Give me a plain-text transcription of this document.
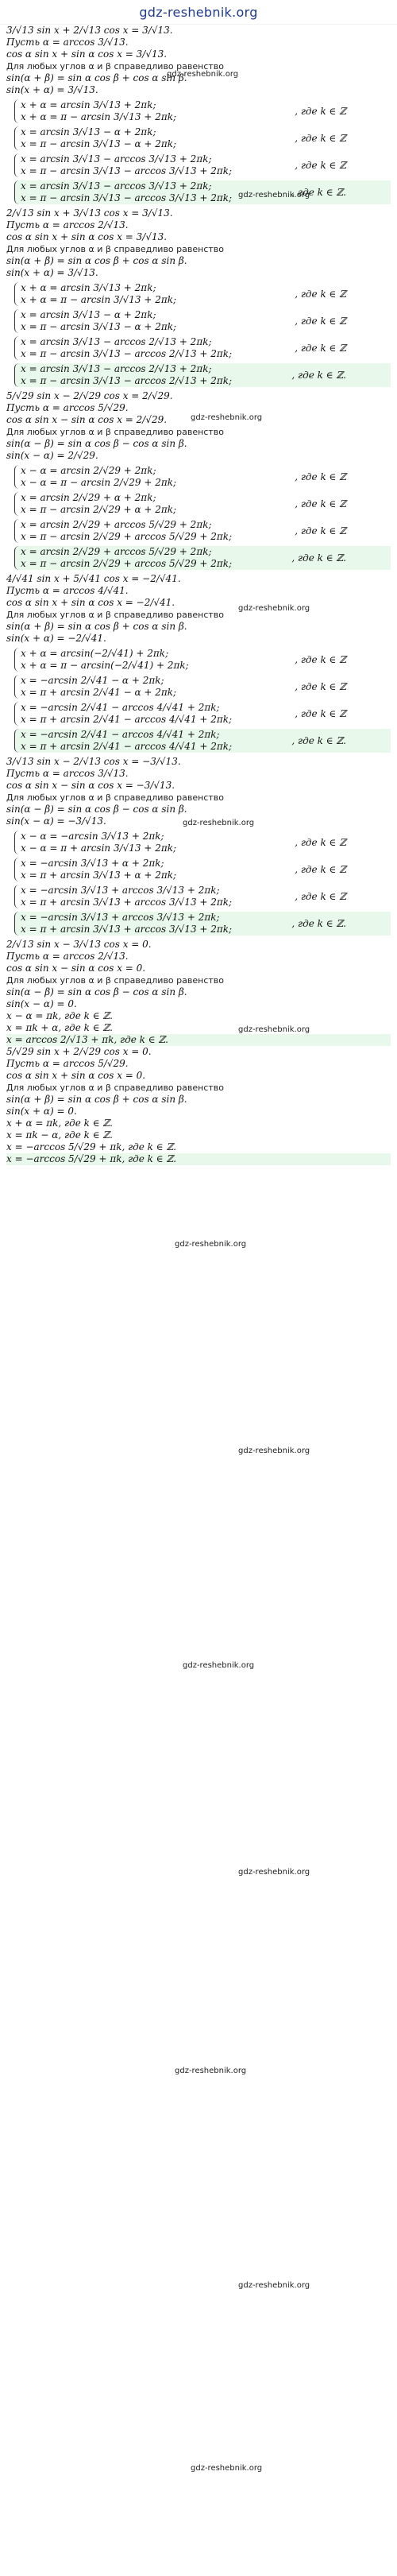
gdz-reshebnik.org
3/√13 sin x + 2/√13 cos x = 3/√13.
Пусть α = arccos 3/√13.
cos α sin x + sin α cos x = 3/√13.
Для любых углов α и β справедливо равенство
sin(α + β) = sin α cos β + cos α sin β.
sin(x + α) = 3/√13.
x + α = arcsin 3/√13 + 2πk;
x + α = π − arcsin 3/√13 + 2πk;	, где k ∈ ℤ
x = arcsin 3/√13 − α + 2πk;
x = π − arcsin 3/√13 − α + 2πk;	, где k ∈ ℤ
x = arcsin 3/√13 − arccos 3/√13 + 2πk;
x = π − arcsin 3/√13 − arccos 3/√13 + 2πk;	, где k ∈ ℤ
x = arcsin 3/√13 − arccos 3/√13 + 2πk;
x = π − arcsin 3/√13 − arccos 3/√13 + 2πk;	, где k ∈ ℤ.
2/√13 sin x + 3/√13 cos x = 3/√13.
Пусть α = arccos 2/√13.
cos α sin x + sin α cos x = 3/√13.
Для любых углов α и β справедливо равенство
sin(α + β) = sin α cos β + cos α sin β.
sin(x + α) = 3/√13.
x + α = arcsin 3/√13 + 2πk;
x + α = π − arcsin 3/√13 + 2πk;	, где k ∈ ℤ
x = arcsin 3/√13 − α + 2πk;
x = π − arcsin 3/√13 − α + 2πk;	, где k ∈ ℤ
x = arcsin 3/√13 − arccos 2/√13 + 2πk;
x = π − arcsin 3/√13 − arccos 2/√13 + 2πk;	, где k ∈ ℤ
x = arcsin 3/√13 − arccos 2/√13 + 2πk;
x = π − arcsin 3/√13 − arccos 2/√13 + 2πk;	, где k ∈ ℤ.
5/√29 sin x − 2/√29 cos x = 2/√29.
Пусть α = arccos 5/√29.
cos α sin x − sin α cos x = 2/√29.
Для любых углов α и β справедливо равенство
sin(α − β) = sin α cos β − cos α sin β.
sin(x − α) = 2/√29.
x − α = arcsin 2/√29 + 2πk;
x − α = π − arcsin 2/√29 + 2πk;	, где k ∈ ℤ
x = arcsin 2/√29 + α + 2πk;
x = π − arcsin 2/√29 + α + 2πk;	, где k ∈ ℤ
x = arcsin 2/√29 + arccos 5/√29 + 2πk;
x = π − arcsin 2/√29 + arccos 5/√29 + 2πk;	, где k ∈ ℤ
x = arcsin 2/√29 + arccos 5/√29 + 2πk;
x = π − arcsin 2/√29 + arccos 5/√29 + 2πk;	, где k ∈ ℤ.
4/√41 sin x + 5/√41 cos x = −2/√41.
Пусть α = arccos 4/√41.
cos α sin x + sin α cos x = −2/√41.
Для любых углов α и β справедливо равенство
sin(α + β) = sin α cos β + cos α sin β.
sin(x + α) = −2/√41.
x + α = arcsin(−2/√41) + 2πk;
x + α = π − arcsin(−2/√41) + 2πk;	, где k ∈ ℤ
x = −arcsin 2/√41 − α + 2πk;
x = π + arcsin 2/√41 − α + 2πk;	, где k ∈ ℤ
x = −arcsin 2/√41 − arccos 4/√41 + 2πk;
x = π + arcsin 2/√41 − arccos 4/√41 + 2πk;	, где k ∈ ℤ
x = −arcsin 2/√41 − arccos 4/√41 + 2πk;
x = π + arcsin 2/√41 − arccos 4/√41 + 2πk;	, где k ∈ ℤ.
3/√13 sin x − 2/√13 cos x = −3/√13.
Пусть α = arccos 3/√13.
cos α sin x − sin α cos x = −3/√13.
Для любых углов α и β справедливо равенство
sin(α − β) = sin α cos β − cos α sin β.
sin(x − α) = −3/√13.
x − α = −arcsin 3/√13 + 2πk;
x − α = π + arcsin 3/√13 + 2πk;	, где k ∈ ℤ
x = −arcsin 3/√13 + α + 2πk;
x = π + arcsin 3/√13 + α + 2πk;	, где k ∈ ℤ
x = −arcsin 3/√13 + arccos 3/√13 + 2πk;
x = π + arcsin 3/√13 + arccos 3/√13 + 2πk;	, где k ∈ ℤ
x = −arcsin 3/√13 + arccos 3/√13 + 2πk;
x = π + arcsin 3/√13 + arccos 3/√13 + 2πk;	, где k ∈ ℤ.
2/√13 sin x − 3/√13 cos x = 0.
Пусть α = arccos 2/√13.
cos α sin x − sin α cos x = 0.
Для любых углов α и β справедливо равенство
sin(α − β) = sin α cos β − cos α sin β.
sin(x − α) = 0.
x − α = πk, где k ∈ ℤ.
x = πk + α, где k ∈ ℤ.
x = arccos 2/√13 + πk, где k ∈ ℤ.
5/√29 sin x + 2/√29 cos x = 0.
Пусть α = arccos 5/√29.
cos α sin x + sin α cos x = 0.
Для любых углов α и β справедливо равенство
sin(α + β) = sin α cos β + cos α sin β.
sin(x + α) = 0.
x + α = πk, где k ∈ ℤ.
x = πk − α, где k ∈ ℤ.
x = −arccos 5/√29 + πk, где k ∈ ℤ.
x = −arccos 5/√29 + πk, где k ∈ ℤ.
gdz-reshebnik.org
gdz-reshebnik.org
gdz-reshebnik.org
gdz-reshebnik.org
gdz-reshebnik.org
gdz-reshebnik.org
gdz-reshebnik.org
gdz-reshebnik.org
gdz-reshebnik.org
gdz-reshebnik.org
gdz-reshebnik.org
gdz-reshebnik.org
gdz-reshebnik.org
